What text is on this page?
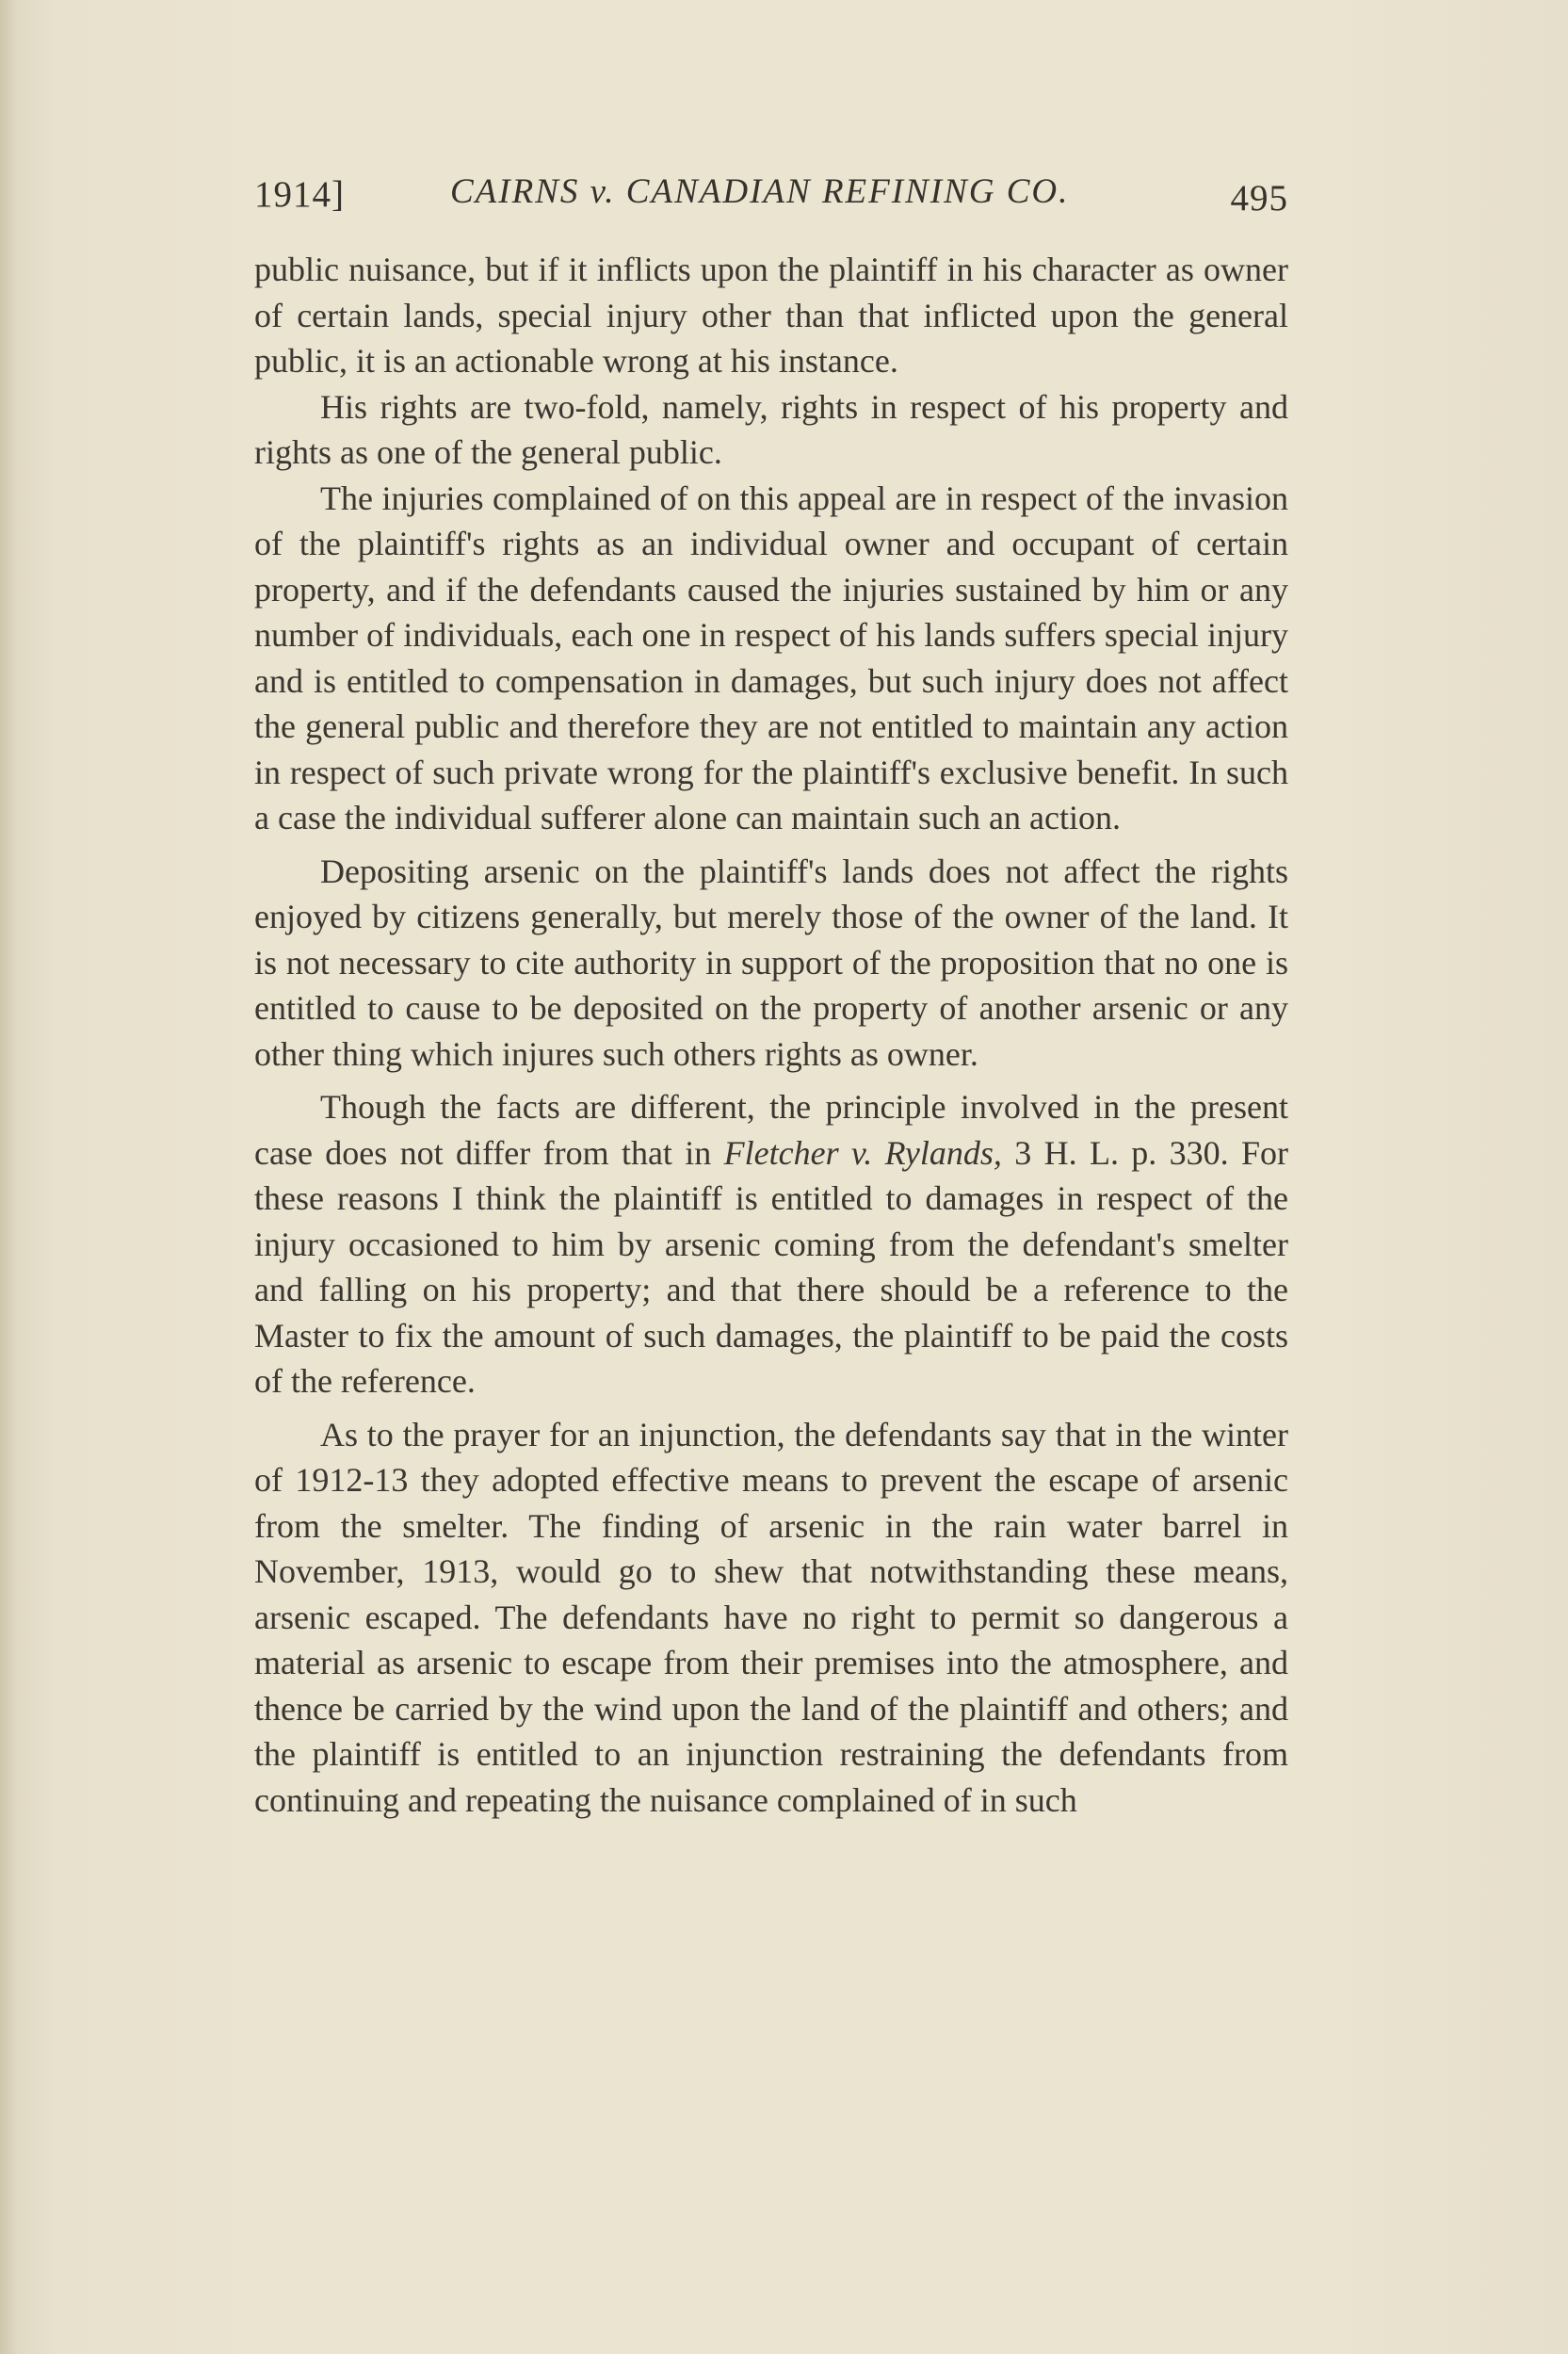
1914]	CAIRNS v. CANADIAN REFINING CO.	495

public nuisance, but if it inflicts upon the plaintiff in his character as owner of certain lands, special injury other than that inflicted upon the general public, it is an actionable wrong at his instance.

His rights are two-fold, namely, rights in respect of his property and rights as one of the general public.

The injuries complained of on this appeal are in respect of the invasion of the plaintiff's rights as an individual owner and occupant of certain property, and if the defendants caused the injuries sustained by him or any number of individuals, each one in respect of his lands suffers special injury and is entitled to compensation in damages, but such injury does not affect the general public and therefore they are not entitled to maintain any action in respect of such private wrong for the plaintiff's exclusive benefit. In such a case the individual sufferer alone can maintain such an action.

Depositing arsenic on the plaintiff's lands does not affect the rights enjoyed by citizens generally, but merely those of the owner of the land. It is not necessary to cite authority in support of the proposition that no one is entitled to cause to be deposited on the property of another arsenic or any other thing which injures such others rights as owner.

Though the facts are different, the principle involved in the present case does not differ from that in Fletcher v. Rylands, 3 H. L. p. 330. For these reasons I think the plaintiff is entitled to damages in respect of the injury occasioned to him by arsenic coming from the defendant's smelter and falling on his property; and that there should be a reference to the Master to fix the amount of such damages, the plaintiff to be paid the costs of the reference.

As to the prayer for an injunction, the defendants say that in the winter of 1912-13 they adopted effective means to prevent the escape of arsenic from the smelter. The finding of arsenic in the rain water barrel in November, 1913, would go to shew that notwithstanding these means, arsenic escaped. The defendants have no right to permit so dangerous a material as arsenic to escape from their premises into the atmosphere, and thence be carried by the wind upon the land of the plaintiff and others; and the plaintiff is entitled to an injunction restraining the defendants from continuing and repeating the nuisance complained of in such
